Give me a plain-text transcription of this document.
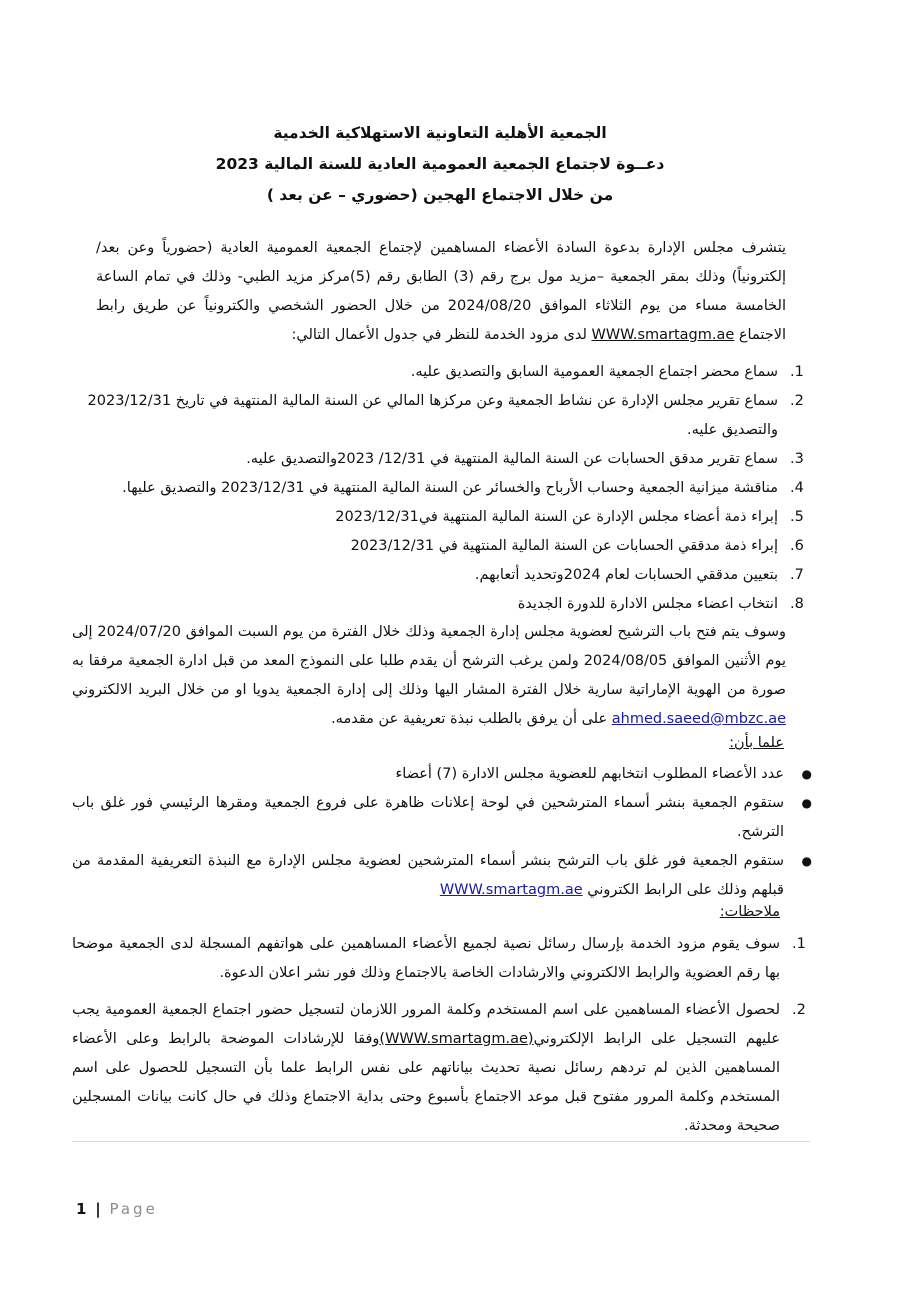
الجمعية الأهلية التعاونية الاستهلاكية الخدمية
دعــوة لاجتماع الجمعية العمومية العادية للسنة المالية 2023
من خلال الاجتماع الهجين (حضوري – عن بعد )
يتشرف مجلس الإدارة بدعوة السادة الأعضاء المساهمين لإجتماع الجمعية العمومية العادية (حضورياً وعن بعد/ إلكترونياً) وذلك بمقر الجمعية –مزيد مول برج رقم (3) الطابق رقم (5)مركز مزيد الطبي- وذلك في تمام الساعة الخامسة مساء من يوم الثلاثاء الموافق 2024/08/20 من خلال الحضور الشخصي والكترونياً عن طريق رابط الاجتماع WWW.smartagm.ae لدى مزود الخدمة للنظر في جدول الأعمال التالي:
1.
سماع محضر اجتماع الجمعية العمومية السابق والتصديق عليه.
2.
سماع تقرير مجلس الإدارة عن نشاط الجمعية وعن مركزها المالي عن السنة المالية المنتهية في تاريخ 2023/12/31 والتصديق عليه.
3.
سماع تقرير مدقق الحسابات عن السنة المالية المنتهية في 12/31/ 2023والتصديق عليه.
4.
مناقشة ميزانية الجمعية وحساب الأرباح والخسائر عن السنة المالية المنتهية في 2023/12/31 والتصديق عليها.
5.
إبراء ذمة أعضاء مجلس الإدارة عن السنة المالية المنتهية في2023/12/31
6.
إبراء ذمة مدققي الحسابات عن السنة المالية المنتهية في 2023/12/31
7.
بتعيين مدققي الحسابات لعام 2024وتحديد أتعابهم.
8.
انتخاب اعضاء مجلس الادارة للدورة الجديدة
وسوف يتم فتح باب الترشيح لعضوية مجلس إدارة الجمعية وذلك خلال الفترة من يوم السبت الموافق 2024/07/20 إلى يوم الأثنين الموافق 2024/08/05 ولمن يرغب الترشح أن يقدم طلبا على النموذج المعد من قبل ادارة الجمعية مرفقا به صورة من الهوية الإماراتية سارية خلال الفترة المشار اليها وذلك إلى إدارة الجمعية يدويا او من خلال البريد الالكتروني ahmed.saeed@mbzc.ae على أن يرفق بالطلب نبذة تعريفية عن مقدمه.
علما بأن:
●
عدد الأعضاء المطلوب انتخابهم للعضوية مجلس الادارة (7) أعضاء
●
ستقوم الجمعية بنشر أسماء المترشحين في لوحة إعلانات ظاهرة على فروع الجمعية ومقرها الرئيسي فور غلق باب الترشح.
●
ستقوم الجمعية فور غلق باب الترشح بنشر أسماء المترشحين لعضوية مجلس الإدارة مع النبذة التعريفية المقدمة من قبلهم وذلك على الرابط الكتروني WWW.smartagm.ae
ملاحظات:
1.
سوف يقوم مزود الخدمة بإرسال رسائل نصية لجميع الأعضاء المساهمين على هواتفهم المسجلة لدى الجمعية موضحا بها رقم العضوية والرابط الالكتروني والارشادات الخاصة بالاجتماع وذلك فور نشر اعلان الدعوة.
2.
لحصول الأعضاء المساهمين على اسم المستخدم وكلمة المرور اللازمان لتسجيل حضور اجتماع الجمعية العمومية يجب عليهم التسجيل على الرابط الإلكتروني(WWW.smartagm.ae)وفقا للإرشادات الموضحة بالرابط وعلى الأعضاء المساهمين الذين لم تردهم رسائل نصية تحديث بياناتهم على نفس الرابط علما بأن التسجيل للحصول على اسم المستخدم وكلمة المرور مفتوح قبل موعد الاجتماع بأسبوع وحتى بداية الاجتماع وذلك في حال كانت بيانات المسجلين صحيحة ومحدثة.
1 | Page
